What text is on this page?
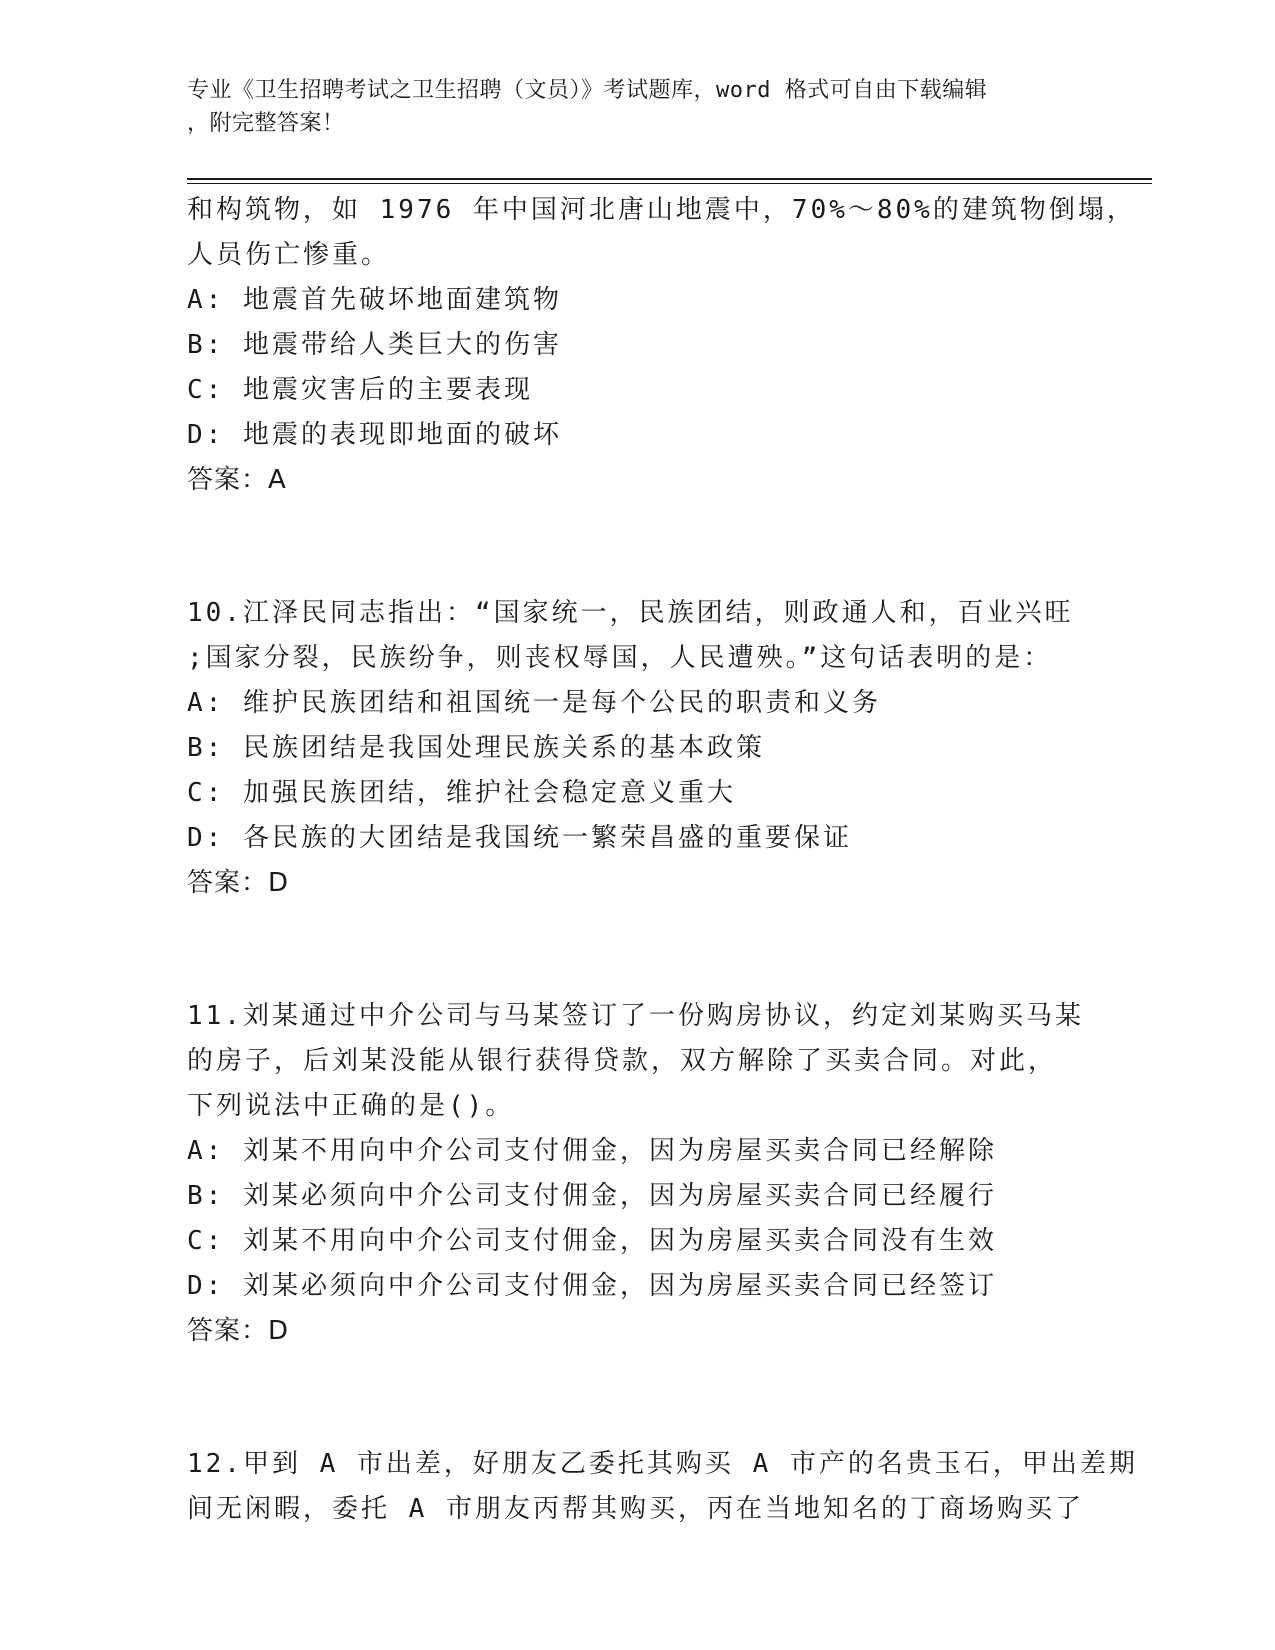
专业《卫生招聘考试之卫生招聘（文员）》考试题库，word 格式可自由下载编辑
，附完整答案！
和构筑物，如 1976 年中国河北唐山地震中，70%～80%的建筑物倒塌，
人员伤亡惨重。
A: 地震首先破坏地面建筑物
B: 地震带给人类巨大的伤害
C: 地震灾害后的主要表现
D: 地震的表现即地面的破坏
答案：A
10.江泽民同志指出：“国家统一，民族团结，则政通人和，百业兴旺
;国家分裂，民族纷争，则丧权辱国，人民遭殃。”这句话表明的是：
A: 维护民族团结和祖国统一是每个公民的职责和义务
B: 民族团结是我国处理民族关系的基本政策
C: 加强民族团结，维护社会稳定意义重大
D: 各民族的大团结是我国统一繁荣昌盛的重要保证
答案：D
11.刘某通过中介公司与马某签订了一份购房协议，约定刘某购买马某
的房子，后刘某没能从银行获得贷款，双方解除了买卖合同。对此，
下列说法中正确的是()。
A: 刘某不用向中介公司支付佣金，因为房屋买卖合同已经解除
B: 刘某必须向中介公司支付佣金，因为房屋买卖合同已经履行
C: 刘某不用向中介公司支付佣金，因为房屋买卖合同没有生效
D: 刘某必须向中介公司支付佣金，因为房屋买卖合同已经签订
答案：D
12.甲到 A 市出差，好朋友乙委托其购买 A 市产的名贵玉石，甲出差期
间无闲暇，委托 A 市朋友丙帮其购买，丙在当地知名的丁商场购买了
